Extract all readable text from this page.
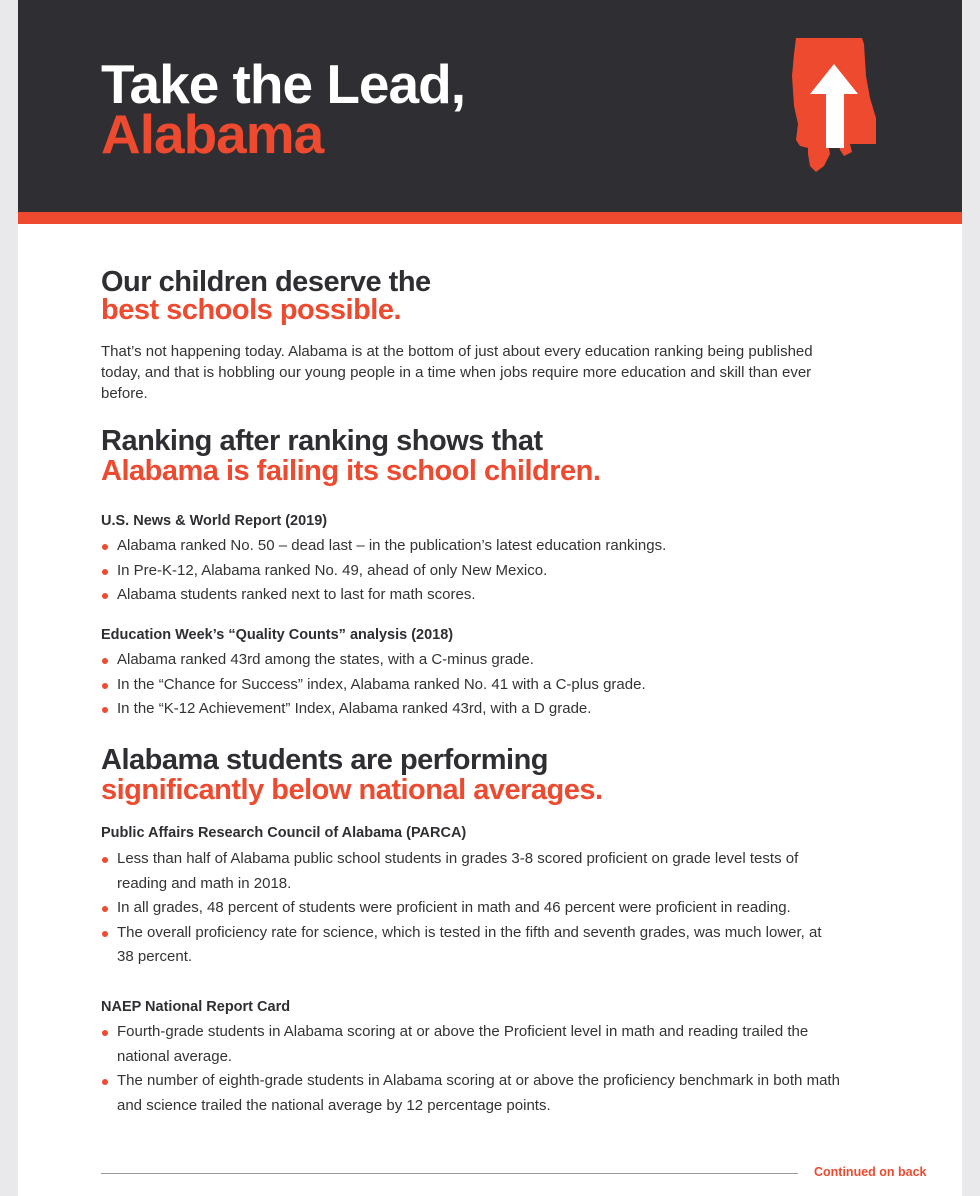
Take the Lead,
Alabama
Our children deserve the
best schools possible.
That’s not happening today. Alabama is at the bottom of just about every education ranking being published today, and that is hobbling our young people in a time when jobs require more education and skill than ever before.
Ranking after ranking shows that
Alabama is failing its school children.
U.S. News & World Report (2019)
Alabama ranked No. 50 – dead last – in the publication’s latest education rankings.
In Pre-K-12, Alabama ranked No. 49, ahead of only New Mexico.
Alabama students ranked next to last for math scores.
Education Week’s “Quality Counts” analysis (2018)
Alabama ranked 43rd among the states, with a C-minus grade.
In the “Chance for Success” index, Alabama ranked No. 41 with a C-plus grade.
In the “K-12 Achievement” Index, Alabama ranked 43rd, with a D grade.
Alabama students are performing
significantly below national averages.
Public Affairs Research Council of Alabama (PARCA)
Less than half of Alabama public school students in grades 3-8 scored proficient on grade level tests of reading and math in 2018.
In all grades, 48 percent of students were proficient in math and 46 percent were proficient in reading.
The overall proficiency rate for science, which is tested in the fifth and seventh grades, was much lower, at 38 percent.
NAEP National Report Card
Fourth-grade students in Alabama scoring at or above the Proficient level in math and reading trailed the national average.
The number of eighth-grade students in Alabama scoring at or above the proficiency benchmark in both math and science trailed the national average by 12 percentage points.
Continued on back
